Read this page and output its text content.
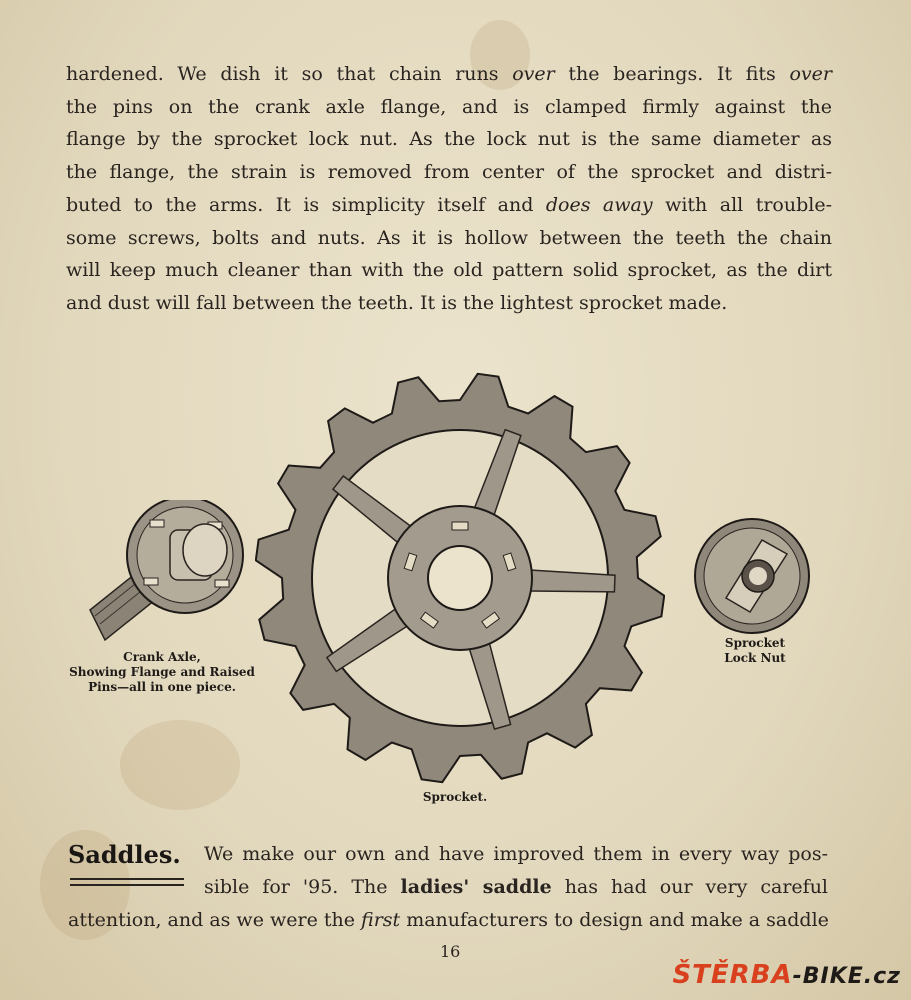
hardened. We dish it so that chain runs over the bearings. It fits over
the pins on the crank axle flange, and is clamped firmly against the
flange by the sprocket lock nut. As the lock nut is the same diameter as
the flange, the strain is removed from center of the sprocket and distri-
buted to the arms. It is simplicity itself and does away with all trouble-
some screws, bolts and nuts. As it is hollow between the teeth the chain
will keep much cleaner than with the old pattern solid sprocket, as the dirt
and dust will fall between the teeth. It is the lightest sprocket made.
Crank Axle,
Showing Flange and Raised
Pins—all in one piece.
Sprocket.
Sprocket
Lock Nut
Saddles. We make our own and have improved them in every way pos-
sible for '95. The ladies' saddle has had our very careful
attention, and as we were the first manufacturers to design and make a saddle
16
ŠTĚRBA-BIKE.cz
